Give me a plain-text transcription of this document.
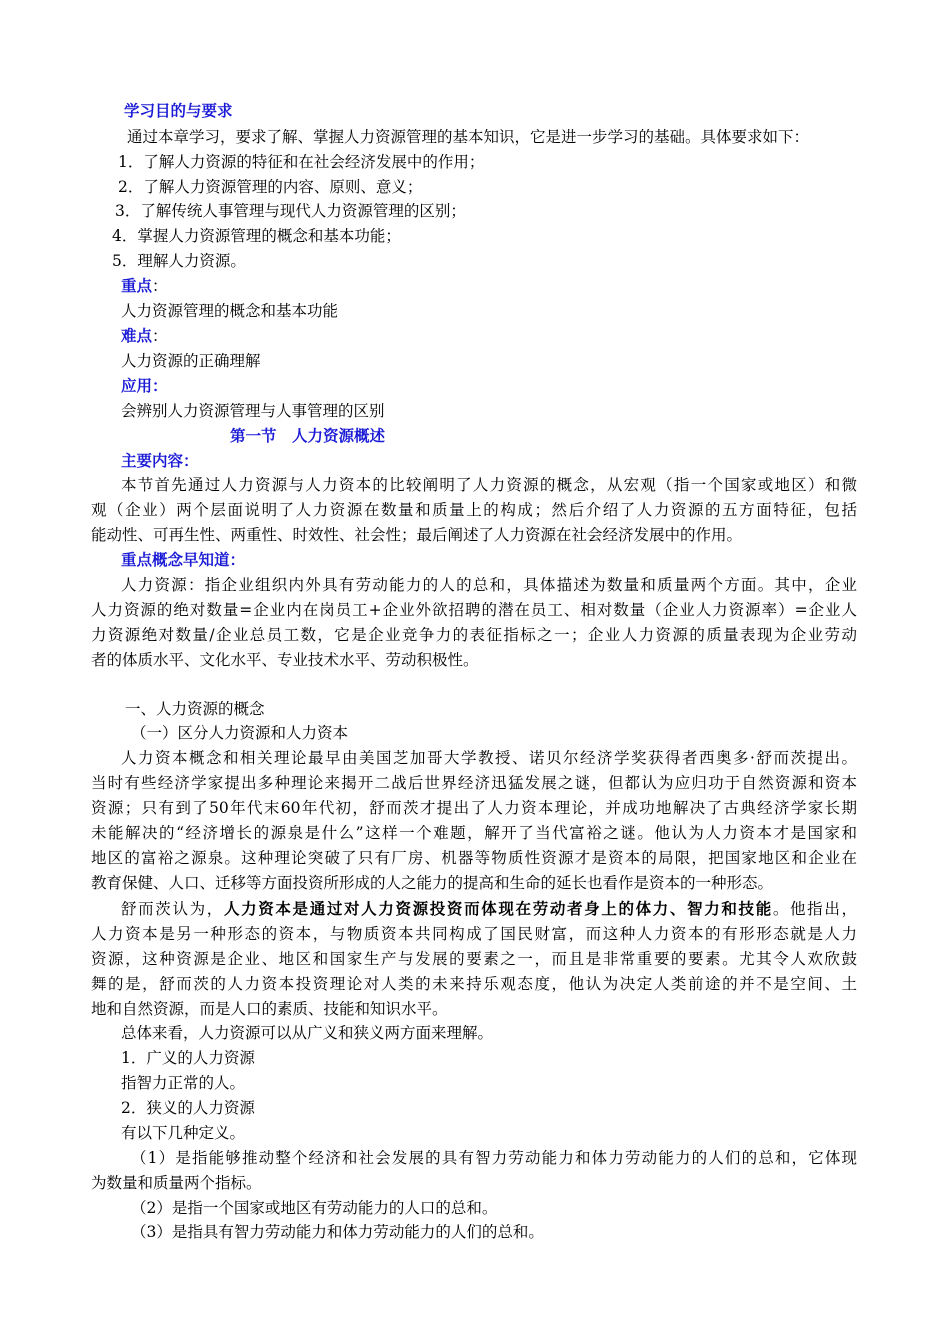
学习目的与要求
通过本章学习，要求了解、掌握人力资源管理的基本知识，它是进一步学习的基础。具体要求如下：
1．了解人力资源的特征和在社会经济发展中的作用；
2．了解人力资源管理的内容、原则、意义；
3．了解传统人事管理与现代人力资源管理的区别；
4．掌握人力资源管理的概念和基本功能；
5．理解人力资源。
重点：
人力资源管理的概念和基本功能
难点：
人力资源的正确理解
应用：
会辨别人力资源管理与人事管理的区别
第一节　人力资源概述
主要内容：
本节首先通过人力资源与人力资本的比较阐明了人力资源的概念，从宏观（指一个国家或地区）和微
观（企业）两个层面说明了人力资源在数量和质量上的构成；然后介绍了人力资源的五方面特征，包括
能动性、可再生性、两重性、时效性、社会性；最后阐述了人力资源在社会经济发展中的作用。
重点概念早知道：
人力资源：指企业组织内外具有劳动能力的人的总和，具体描述为数量和质量两个方面。其中，企业
人力资源的绝对数量=企业内在岗员工+企业外欲招聘的潜在员工、相对数量（企业人力资源率）=企业人
力资源绝对数量/企业总员工数，它是企业竞争力的表征指标之一；企业人力资源的质量表现为企业劳动
者的体质水平、文化水平、专业技术水平、劳动积极性。
一、人力资源的概念
（一）区分人力资源和人力资本
人力资本概念和相关理论最早由美国芝加哥大学教授、诺贝尔经济学奖获得者西奥多·舒而茨提出。
当时有些经济学家提出多种理论来揭开二战后世界经济迅猛发展之谜，但都认为应归功于自然资源和资本
资源；只有到了50年代末60年代初，舒而茨才提出了人力资本理论，并成功地解决了古典经济学家长期
未能解决的“经济增长的源泉是什么”这样一个难题，解开了当代富裕之谜。他认为人力资本才是国家和
地区的富裕之源泉。这种理论突破了只有厂房、机器等物质性资源才是资本的局限，把国家地区和企业在
教育保健、人口、迁移等方面投资所形成的人之能力的提高和生命的延长也看作是资本的一种形态。
舒而茨认为，人力资本是通过对人力资源投资而体现在劳动者身上的体力、智力和技能。他指出，
人力资本是另一种形态的资本，与物质资本共同构成了国民财富，而这种人力资本的有形形态就是人力
资源，这种资源是企业、地区和国家生产与发展的要素之一，而且是非常重要的要素。尤其令人欢欣鼓
舞的是，舒而茨的人力资本投资理论对人类的未来持乐观态度，他认为决定人类前途的并不是空间、土
地和自然资源，而是人口的素质、技能和知识水平。
总体来看，人力资源可以从广义和狭义两方面来理解。
1．广义的人力资源
指智力正常的人。
2．狭义的人力资源
有以下几种定义。
（1）是指能够推动整个经济和社会发展的具有智力劳动能力和体力劳动能力的人们的总和，它体现
为数量和质量两个指标。
（2）是指一个国家或地区有劳动能力的人口的总和。
（3）是指具有智力劳动能力和体力劳动能力的人们的总和。
